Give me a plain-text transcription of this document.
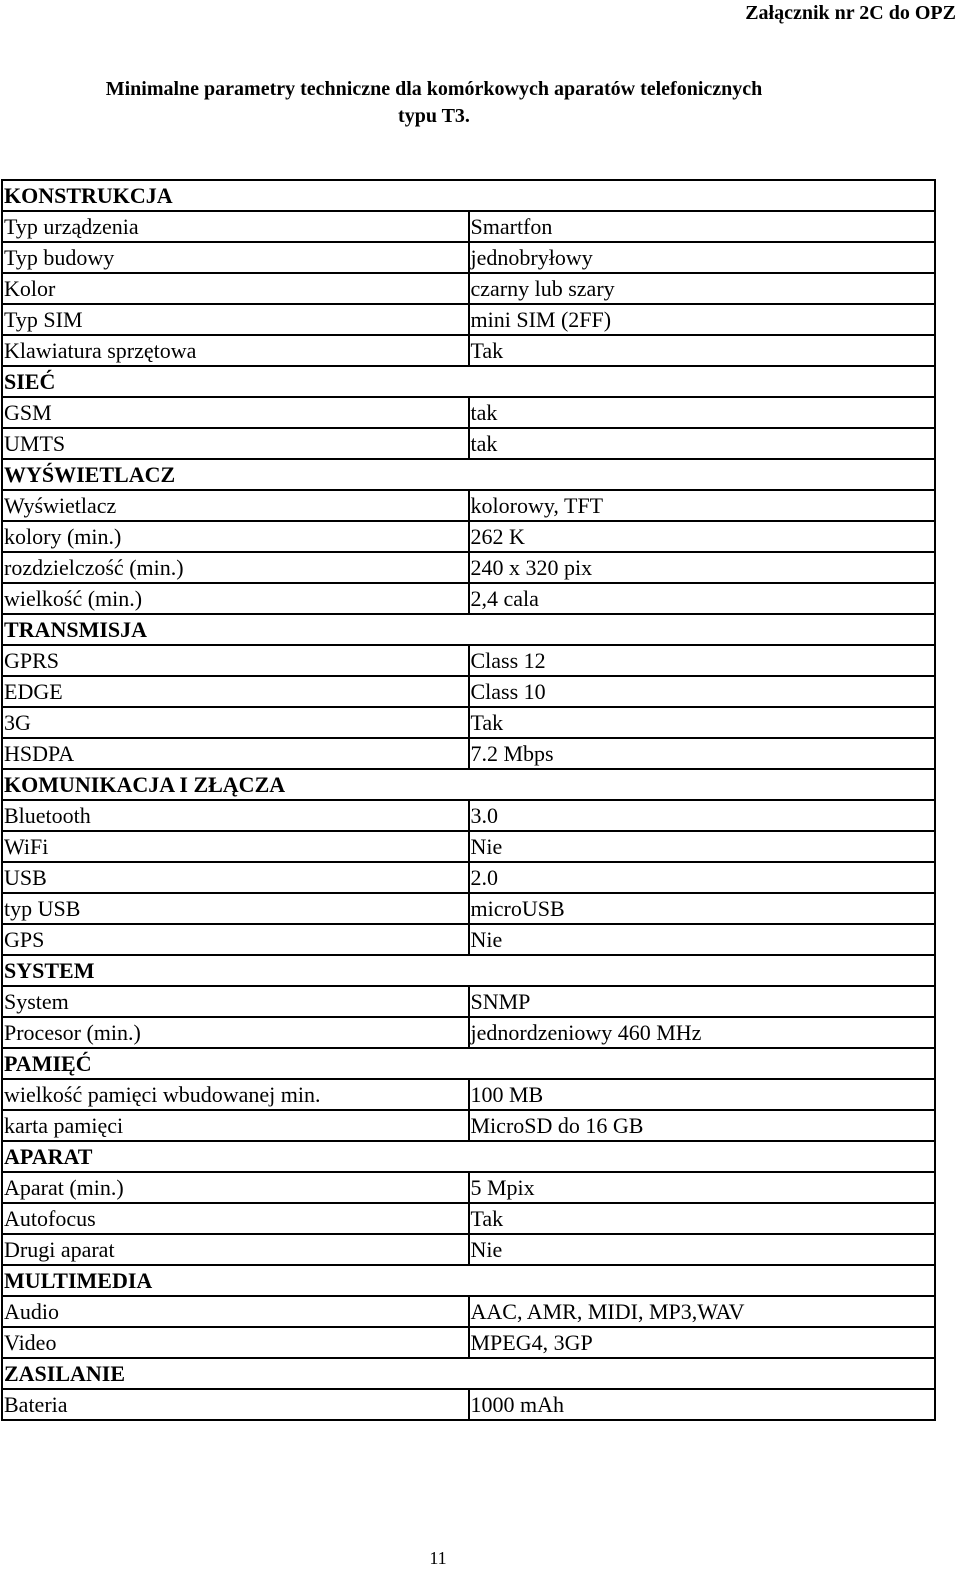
Załącznik nr 2C do OPZ
Minimalne parametry techniczne dla komórkowych aparatów telefonicznych
typu T3.
KONSTRUKCJA	
Typ urządzenia	Smartfon
Typ budowy	jednobryłowy
Kolor	czarny lub szary
Typ SIM	mini SIM (2FF)
Klawiatura sprzętowa	Tak
SIEĆ	
GSM	tak
UMTS	tak
WYŚWIETLACZ	
Wyświetlacz	kolorowy, TFT
kolory (min.)	262 K
rozdzielczość (min.)	240 x 320 pix
wielkość (min.)	2,4 cala
TRANSMISJA	
GPRS	Class 12
EDGE	Class 10
3G	Tak
HSDPA	7.2 Mbps
KOMUNIKACJA I ZŁĄCZA	
Bluetooth	3.0
WiFi	Nie
USB	2.0
typ USB	microUSB
GPS	Nie
SYSTEM	
System	SNMP
Procesor (min.)	jednordzeniowy 460 MHz
PAMIĘĆ	
wielkość pamięci wbudowanej min.	100 MB
karta pamięci	MicroSD do 16 GB
APARAT	
Aparat (min.)	5 Mpix
Autofocus	Tak
Drugi aparat	Nie
MULTIMEDIA	
Audio	AAC, AMR, MIDI, MP3,WAV
Video	MPEG4, 3GP
ZASILANIE	
Bateria	1000 mAh
11
